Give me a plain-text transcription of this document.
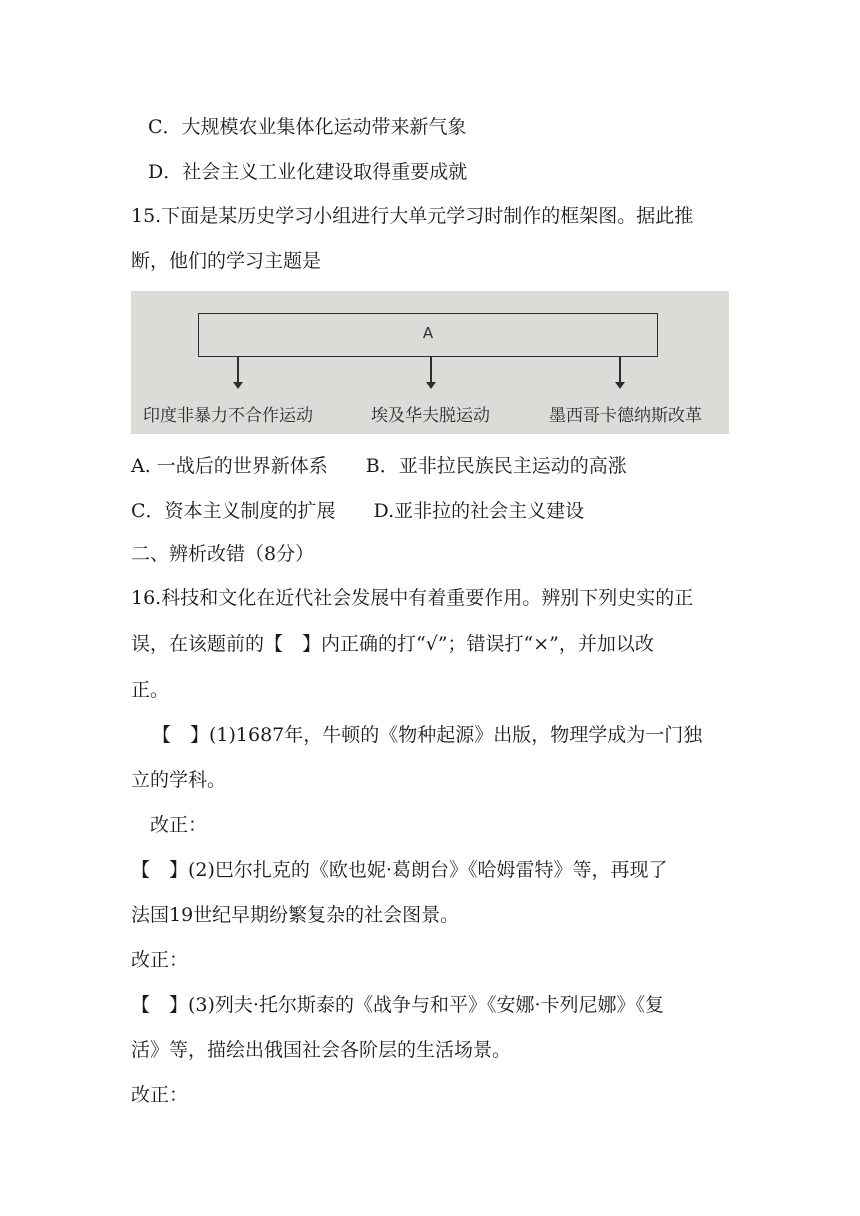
C．大规模农业集体化运动带来新气象
D．社会主义工业化建设取得重要成就
15.下面是某历史学习小组进行大单元学习时制作的框架图。据此推
断，他们的学习主题是
A
印度非暴力不合作运动	埃及华夫脱运动	墨西哥卡德纳斯改革
A. 一战后的世界新体系　　B．亚非拉民族民主运动的高涨
C．资本主义制度的扩展　　D.亚非拉的社会主义建设
二、辨析改错（8分）
16.科技和文化在近代社会发展中有着重要作用。辨别下列史实的正
误，在该题前的【　】内正确的打“√”；错误打“×”，并加以改
正。
【　】(1)1687年，牛顿的《物种起源》出版，物理学成为一门独
立的学科。
改正：
【　】(2)巴尔扎克的《欧也妮·葛朗台》《哈姆雷特》等，再现了
法国19世纪早期纷繁复杂的社会图景。
改正：
【　】(3)列夫·托尔斯泰的《战争与和平》《安娜·卡列尼娜》《复
活》等，描绘出俄国社会各阶层的生活场景。
改正：
